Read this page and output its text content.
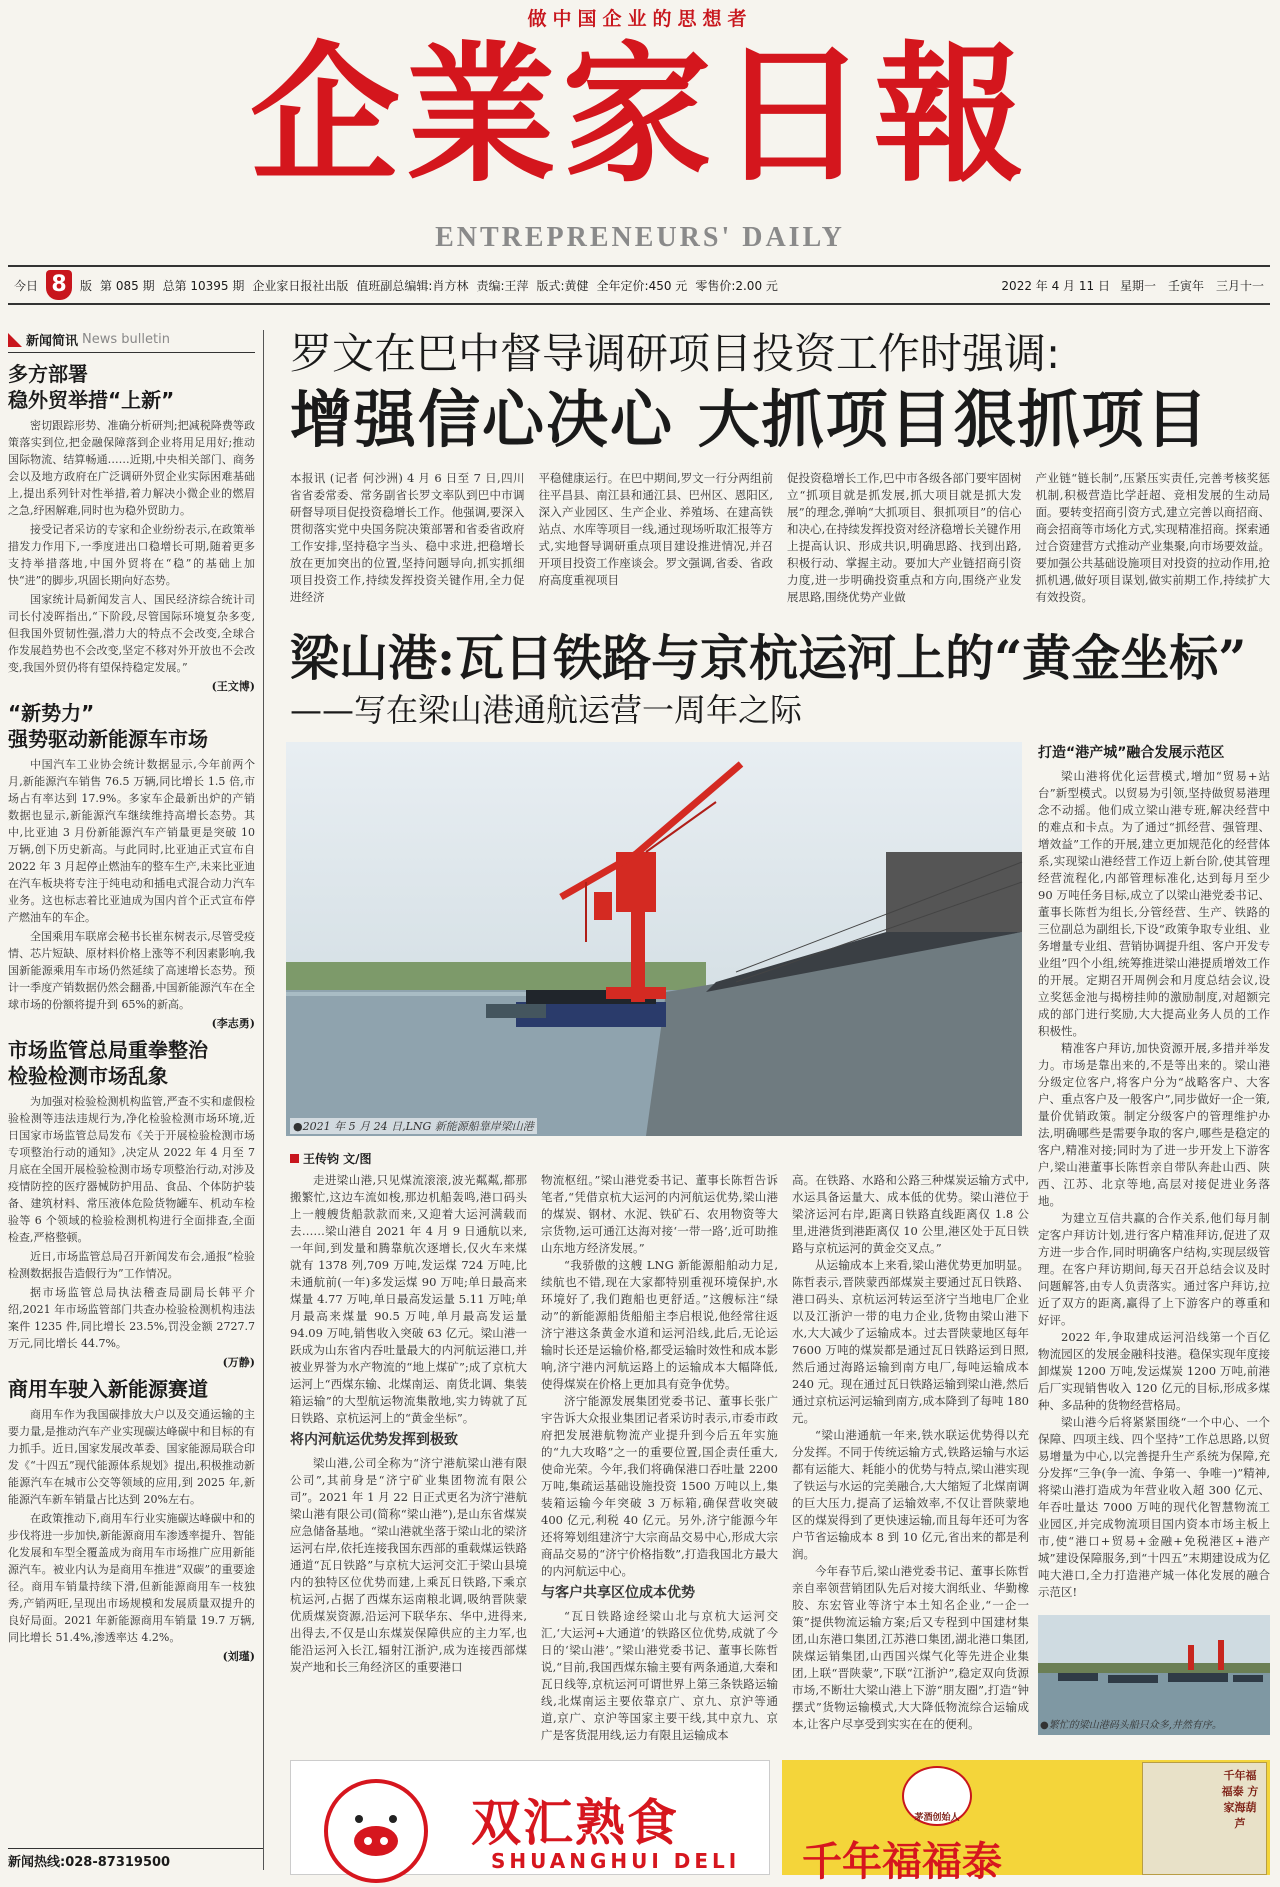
做中国企业的思想者
企業家日報
ENTREPRENEURS' DAILY
今日 8	版 第 085 期 总第 10395 期 企业家日报社出版 值班副总编辑:肖方林 责编:王萍 版式:黄健 全年定价:450 元 零售价:2.00 元	2022 年 4 月 11 日 星期一 壬寅年 三月十一
新闻简讯 News bulletin
多方部署
稳外贸举措“上新”

密切跟踪形势、准确分析研判;把减税降费等政策落实到位,把金融保障落到企业将用足用好;推动国际物流、结算畅通……近期,中央相关部门、商务会以及地方政府在广泛调研外贸企业实际困难基础上,提出系列针对性举措,着力解决小微企业的燃眉之急,纾困解难,同时也为稳外贸助力。

接受记者采访的专家和企业纷纷表示,在政策举措发力作用下,一季度进出口稳增长可期,随着更多支持举措落地,中国外贸将在“稳”的基础上加快“进”的脚步,巩固长期向好态势。

国家统计局新闻发言人、国民经济综合统计司司长付凌晖指出,“下阶段,尽管国际环境复杂多变,但我国外贸韧性强,潜力大的特点不会改变,全球合作发展趋势也不会改变,坚定不移对外开放也不会改变,我国外贸仍将有望保持稳定发展。”

(王文博)
“新势力”
强势驱动新能源车市场

中国汽车工业协会统计数据显示,今年前两个月,新能源汽车销售 76.5 万辆,同比增长 1.5 倍,市场占有率达到 17.9%。多家车企最新出炉的产销数据也显示,新能源汽车继续维持高增长态势。其中,比亚迪 3 月份新能源汽车产销量更是突破 10 万辆,创下历史新高。与此同时,比亚迪正式宣布自 2022 年 3 月起停止燃油车的整车生产,未来比亚迪在汽车板块将专注于纯电动和插电式混合动力汽车业务。这也标志着比亚迪成为国内首个正式宣布停产燃油车的车企。

全国乘用车联席会秘书长崔东树表示,尽管受疫情、芯片短缺、原材料价格上涨等不利因素影响,我国新能源乘用车市场仍然延续了高速增长态势。预计一季度产销数据仍然会翻番,中国新能源汽车在全球市场的份额将提升到 65%的新高。

(李志勇)
市场监管总局重拳整治
检验检测市场乱象

为加强对检验检测机构监管,严查不实和虚假检验检测等违法违规行为,净化检验检测市场环境,近日国家市场监管总局发布《关于开展检验检测市场专项整治行动的通知》,决定从 2022 年 4 月至 7 月底在全国开展检验检测市场专项整治行动,对涉及疫情防控的医疗器械防护用品、食品、个体防护装备、建筑材料、常压液体危险货物罐车、机动车检验等 6 个领域的检验检测机构进行全面排查,全面检查,严格整顿。

近日,市场监管总局召开新闻发布会,通报“检验检测数据报告造假行为”工作情况。

据市场监管总局执法稽查局副局长韩平介绍,2021 年市场监管部门共查办检验检测机构违法案件 1235 件,同比增长 23.5%,罚没金额 2727.7 万元,同比增长 44.7%。

(万静)
商用车驶入新能源赛道

商用车作为我国碳排放大户以及交通运输的主要力量,是推动汽车产业实现碳达峰碳中和目标的有力抓手。近日,国家发展改革委、国家能源局联合印发《“十四五”现代能源体系规划》提出,积极推动新能源汽车在城市公交等领域的应用,到 2025 年,新能源汽车新车销量占比达到 20%左右。

在政策推动下,商用车行业实施碳达峰碳中和的步伐将进一步加快,新能源商用车渗透率提升、智能化发展和车型全覆盖成为商用车市场推广应用新能源汽车。被业内认为是商用车推进“双碳”的重要途径。商用车销量持续下滑,但新能源商用车一枝独秀,产销两旺,呈现出市场规模和发展质量双提升的良好局面。2021 年新能源商用车销量 19.7 万辆,同比增长 51.4%,渗透率达 4.2%。

(刘瑾)
新闻热线:028-87319500
罗文在巴中督导调研项目投资工作时强调:
增强信心决心 大抓项目狠抓项目
本报讯 (记者 何沙洲) 4 月 6 日至 7 日,四川省省委常委、常务副省长罗文率队到巴中市调研督导项目促投资稳增长工作。他强调,要深入贯彻落实党中央国务院决策部署和省委省政府工作安排,坚持稳字当头、稳中求进,把稳增长放在更加突出的位置,坚持问题导向,抓实抓细项目投资工作,持续发挥投资关键作用,全力促进经济
平稳健康运行。在巴中期间,罗文一行分两组前往平昌县、南江县和通江县、巴州区、恩阳区,深入产业园区、生产企业、养殖场、在建高铁站点、水库等项目一线,通过现场听取汇报等方式,实地督导调研重点项目建设推进情况,并召开项目投资工作座谈会。罗文强调,省委、省政府高度重视项目
促投资稳增长工作,巴中市各级各部门要牢固树立“抓项目就是抓发展,抓大项目就是抓大发展”的理念,弹响“大抓项目、狠抓项目”的信心和决心,在持续发挥投资对经济稳增长关键作用上提高认识、形成共识,明确思路、找到出路,积极行动、掌握主动。要加大产业链招商引资力度,进一步明确投资重点和方向,围绕产业发展思路,围绕优势产业做
产业链“链长制”,压紧压实责任,完善考核奖惩机制,积极营造比学赶超、竞相发展的生动局面。要转变招商引资方式,建立完善以商招商、商会招商等市场化方式,实现精准招商。探索通过合资建营方式推动产业集聚,向市场要效益。要加强公共基础设施项目对投资的拉动作用,抢抓机遇,做好项目谋划,做实前期工作,持续扩大有效投资。
梁山港:瓦日铁路与京杭运河上的“黄金坐标”
——写在梁山港通航运营一周年之际
●2021 年 5 月 24 日,LNG 新能源船靠岸梁山港
王传钧 文/图

走进梁山港,只见煤流滚滚,波光粼粼,都那搬繁忙,这边车流如梭,那边机船轰鸣,港口码头上一艘艘货船款款而来,又迎着大运河满载而去……梁山港自 2021 年 4 月 9 日通航以来,一年间,到发量和腾靠航次逐增长,仅火车来煤就有 1378 列,709 万吨,发运煤 724 万吨,比未通航前(一年)多发运煤 90 万吨;单日最高来煤量 4.77 万吨,单日最高发运量 5.11 万吨;单月最高来煤量 90.5 万吨,单月最高发运量 94.09 万吨,销售收入突破 63 亿元。梁山港一跃成为山东省内吞吐量最大的内河航运港口,并被业界誉为水产物流的“地上煤矿”;成了京杭大运河上“西煤东输、北煤南运、南货北调、集装箱运输”的大型航运物流集散地,实力铸就了瓦日铁路、京杭运河上的“黄金坐标”。

将内河航运优势发挥到极致

梁山港,公司全称为“济宁港航梁山港有限公司”,其前身是“济宁矿业集团物流有限公司”。2021 年 1 月 22 日正式更名为济宁港航梁山港有限公司(简称“梁山港”),是山东省煤炭应急储备基地。“梁山港就坐落于梁山北的梁济运河右岸,依托连接我国东西部的重载煤运铁路通道“瓦日铁路”与京杭大运河交汇于梁山县境内的独特区位优势而建,上乘瓦日铁路,下乘京杭运河,占据了西煤东运南粮北调,吸纳晋陕蒙优质煤炭资源,沿运河下联华东、华中,进得来,出得去,不仅是山东煤炭保障供应的主力军,也能沿运河入长江,辐射江浙沪,成为连接西部煤炭产地和长三角经济区的重要港口

物流枢纽。”梁山港党委书记、董事长陈哲告诉笔者,“凭借京杭大运河的内河航运优势,梁山港的煤炭、钢材、水泥、铁矿石、农用物资等大宗货物,运可通江达海对接‘一带一路’,近可助推山东地方经济发展。”

“我骄傲的这艘 LNG 新能源船舶动力足,续航也不错,现在大家都特别重视环境保护,水环境好了,我们跑船也更舒适。”这艘标注“绿动”的新能源船货船船主李启根说,他经常往返济宁港这条黄金水道和运河沿线,此后,无论运输时长还是运输价格,都受运输时效性和成本影响,济宁港内河航运路上的运输成本大幅降低,使得煤炭在价格上更加具有竞争优势。

济宁能源发展集团党委书记、董事长张广宇告诉大众报业集团记者采访时表示,市委市政府把发展港航物流产业提升到今后五年实施的“九大攻略”之一的重要位置,国企责任重大,使命光荣。今年,我们将确保港口吞吐量 2200 万吨,集疏运基础设施投资 1500 万吨以上,集装箱运输今年突破 3 万标箱,确保营收突破 400 亿元,利税 40 亿元。另外,济宁能源今年还将筹划组建济宁大宗商品交易中心,形成大宗商品交易的“济宁价格指数”,打造我国北方最大的内河航运中心。

与客户共享区位成本优势

“瓦日铁路途经梁山北与京杭大运河交汇,‘大运河+大通道’的铁路区位优势,成就了今日的‘梁山港’。”梁山港党委书记、董事长陈哲说,“目前,我国西煤东输主要有两条通道,大秦和瓦日线等,京杭运河可谓世界上第三条铁路运输线,北煤南运主要依靠京广、京九、京沪等通道,京广、京沪等国家主要干线,其中京九、京广是客货混用线,运力有限且运输成本

高。在铁路、水路和公路三种煤炭运输方式中,水运具备运量大、成本低的优势。梁山港位于梁济运河右岸,距离日铁路直线距离仅 1.8 公里,进港货到港距离仅 10 公里,港区处于瓦日铁路与京杭运河的黄金交叉点。”

从运输成本上来看,梁山港优势更加明显。陈哲表示,晋陕蒙西部煤炭主要通过瓦日铁路、港口码头、京杭运河转运至济宁当地电厂企业以及江浙沪一带的电力企业,货物由梁山港下水,大大减少了运输成本。过去晋陕蒙地区每年 7600 万吨的煤炭都是通过瓦日铁路运到日照,然后通过海路运输到南方电厂,每吨运输成本 240 元。现在通过瓦日铁路运输到梁山港,然后通过京杭运河运输到南方,成本降到了每吨 180 元。

“梁山港通航一年来,铁水联运优势得以充分发挥。不同于传统运输方式,铁路运输与水运都有运能大、耗能小的优势与特点,梁山港实现了铁运与水运的完美融合,大大缩短了北煤南调的巨大压力,提高了运输效率,不仅让晋陕蒙地区的煤炭得到了更快速运输,而且每年还可为客户节省运输成本 8 到 10 亿元,省出来的都是利润。

今年春节后,梁山港党委书记、董事长陈哲亲自率领营销团队先后对接大润纸业、华勤橡胶、东宏管业等济宁本土知名企业,“一企一策”提供物流运输方案;后又专程到中国建材集团,山东港口集团,江苏港口集团,湖北港口集团,陕煤运销集团,山西国兴煤气化等先进企业集团,上联“晋陕蒙”,下联“江浙沪”,稳定双向货源市场,不断壮大梁山港上下游“朋友圈”,打造“钟摆式”货物运输模式,大大降低物流综合运输成本,让客户尽享受到实实在在的便利。

打造“港产城”融合发展示范区

梁山港将优化运营模式,增加“贸易+站台”新型模式。以贸易为引领,坚持做贸易港理念不动摇。他们成立梁山港专班,解决经营中的难点和卡点。为了通过“抓经营、强管理、增效益”工作的开展,建立更加规范化的经营体系,实现梁山港经营工作迈上新台阶,使其管理经营流程化,内部管理标准化,达到每月至少 90 万吨任务目标,成立了以梁山港党委书记、董事长陈哲为组长,分管经营、生产、铁路的三位副总为副组长,下设“政策争取专业组、业务增量专业组、营销协调提升组、客户开发专业组”四个小组,统筹推进梁山港提质增效工作的开展。定期召开周例会和月度总结会议,设立奖惩金池与揭榜挂帅的激励制度,对超额完成的部门进行奖励,大大提高业务人员的工作积极性。

精准客户拜访,加快资源开展,多措并举发力。市场是靠出来的,不是等出来的。梁山港分级定位客户,将客户分为“战略客户、大客户、重点客户及一般客户”,同步做好一企一策,量价优销政策。制定分级客户的管理维护办法,明确哪些是需要争取的客户,哪些是稳定的客户,精准对接;同时为了进一步开发上下游客户,梁山港董事长陈哲亲自带队奔赴山西、陕西、江苏、北京等地,高层对接促进业务落地。

为建立互信共赢的合作关系,他们每月制定客户拜访计划,进行客户精准拜访,促进了双方进一步合作,同时明确客户结构,实现层级管理。在客户拜访期间,每天召开总结会议及时问题解答,由专人负责落实。通过客户拜访,拉近了双方的距离,赢得了上下游客户的尊重和好评。

2022 年,争取建成运河沿线第一个百亿物流园区的发展金融科技港。稳保实现年度接卸煤炭 1200 万吨,发运煤炭 1200 万吨,前港后厂实现销售收入 120 亿元的目标,形成多煤种、多品种的货物经营格局。

梁山港今后将紧紧围绕“一个中心、一个保障、四项主线、四个坚持”工作总思路,以贸易增量为中心,以完善提升生产系统为保障,充分发挥“三争(争一流、争第一、争唯一)”精神,将梁山港打造成为年营业收入超 300 亿元、年吞吐量达 7000 万吨的现代化智慧物流工业园区,并完成物流项目国内资本市场主板上市,使“港口+贸易+金融+免税港区+港产城”建设保障服务,到“十四五”末期建设成为亿吨大港口,全力打造港产城一体化发展的融合示范区!

●繁忙的梁山港码头船只众多,井然有序。
双汇熟食
SHUANGHUI DELI
茅酒创始人
千年福福泰
千年福福泰 方家海葫芦
